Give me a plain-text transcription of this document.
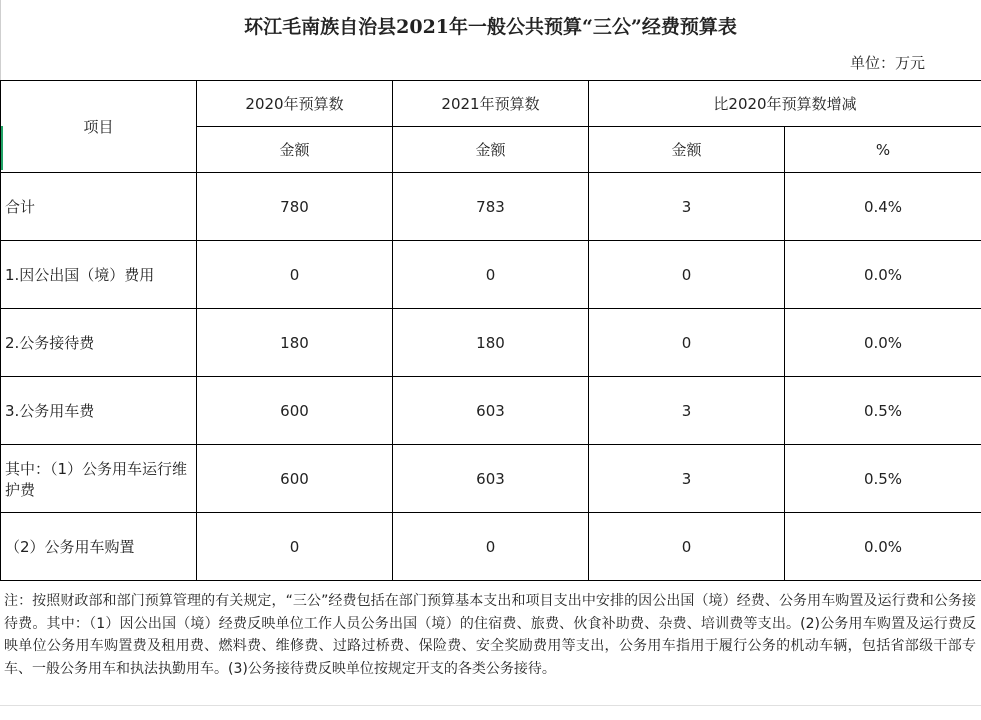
环江毛南族自治县2021年一般公共预算“三公”经费预算表
单位：万元
项目	2020年预算数	2021年预算数	比2020年预算数增减	
	金额	金额	金额	%
合计	780	783	3	0.4%
1.因公出国（境）费用	0	0	0	0.0%
2.公务接待费	180	180	0	0.0%
3.公务用车费	600	603	3	0.5%
其中：（1）公务用车运行维护费	600	603	3	0.5%
（2）公务用车购置	0	0	0	0.0%
注：按照财政部和部门预算管理的有关规定，“三公”经费包括在部门预算基本支出和项目支出中安排的因公出国（境）经费、公务用车购置及运行费和公务接待费。其中：（1）因公出国（境）经费反映单位工作人员公务出国（境）的住宿费、旅费、伙食补助费、杂费、培训费等支出。(2)公务用车购置及运行费反映单位公务用车购置费及租用费、燃料费、维修费、过路过桥费、保险费、安全奖励费用等支出，公务用车指用于履行公务的机动车辆，包括省部级干部专车、一般公务用车和执法执勤用车。(3)公务接待费反映单位按规定开支的各类公务接待。
